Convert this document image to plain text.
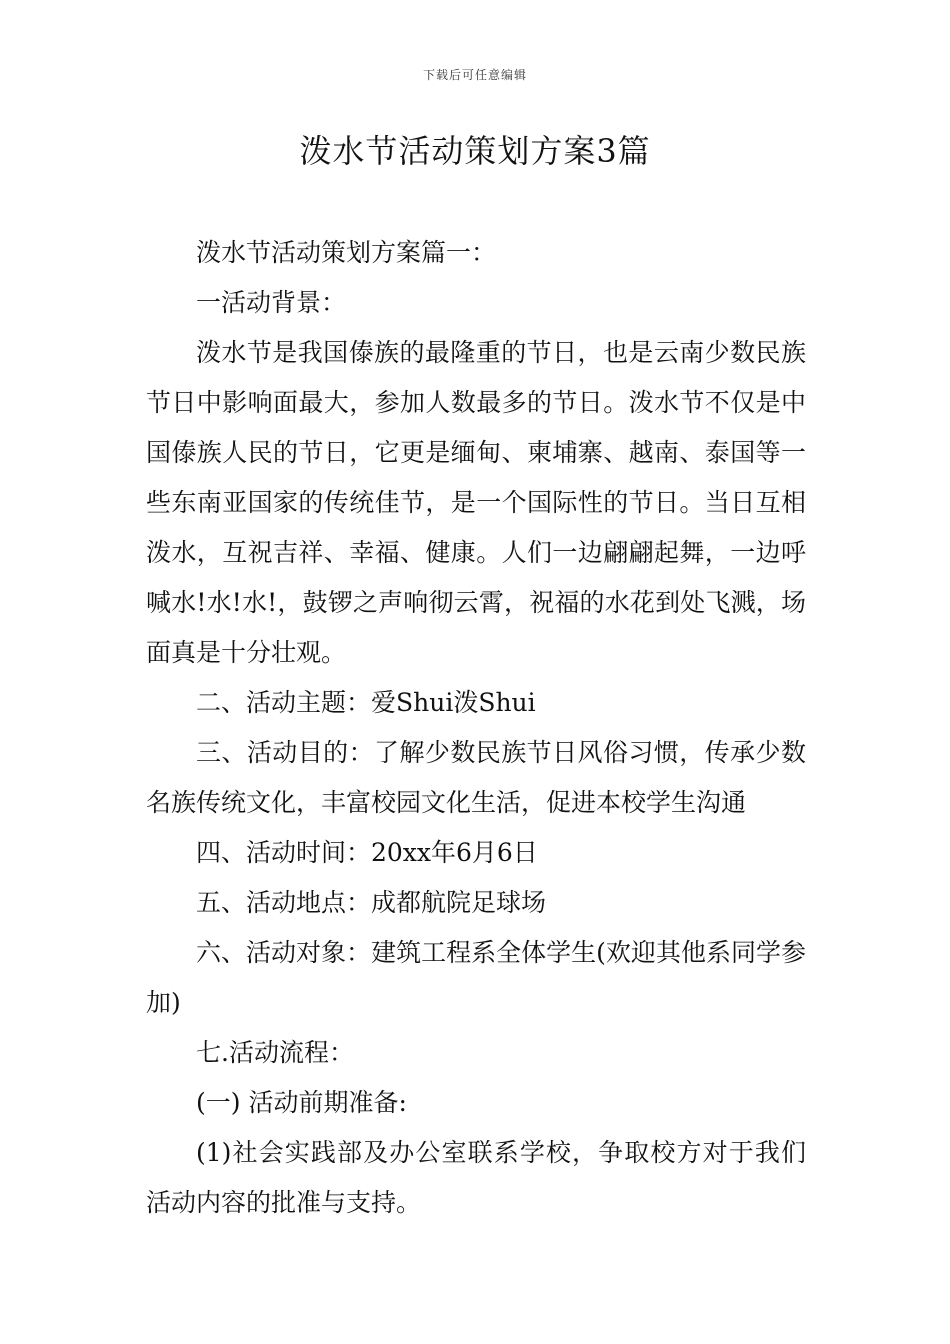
下载后可任意编辑
泼水节活动策划方案3篇

泼水节活动策划方案篇一：

一活动背景：

泼水节是我国傣族的最隆重的节日，也是云南少数民族节日中影响面最大，参加人数最多的节日。泼水节不仅是中国傣族人民的节日，它更是缅甸、柬埔寨、越南、泰国等一些东南亚国家的传统佳节，是一个国际性的节日。当日互相泼水，互祝吉祥、幸福、健康。人们一边翩翩起舞，一边呼喊水!水!水!，鼓锣之声响彻云霄，祝福的水花到处飞溅，场面真是十分壮观。

二、活动主题：爱Shui泼Shui

三、活动目的：了解少数民族节日风俗习惯，传承少数名族传统文化，丰富校园文化生活，促进本校学生沟通

四、活动时间：20xx年6月6日

五、活动地点：成都航院足球场

六、活动对象：建筑工程系全体学生(欢迎其他系同学参加)

七.活动流程：

(一) 活动前期准备:

(1)社会实践部及办公室联系学校，争取校方对于我们活动内容的批准与支持。
